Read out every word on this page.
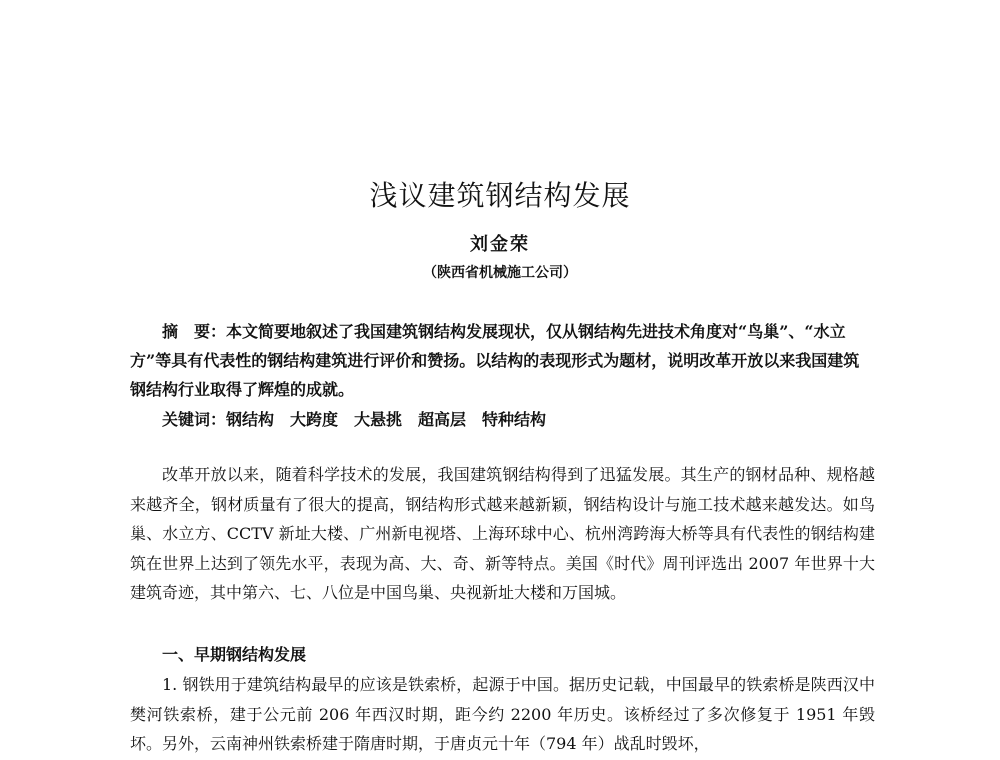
浅议建筑钢结构发展
刘金荣
（陕西省机械施工公司）
摘　要：本文简要地叙述了我国建筑钢结构发展现状，仅从钢结构先进技术角度对“鸟巢”、“水立方”等具有代表性的钢结构建筑进行评价和赞扬。以结构的表现形式为题材，说明改革开放以来我国建筑钢结构行业取得了辉煌的成就。
关键词：钢结构　大跨度　大悬挑　超高层　特种结构
改革开放以来，随着科学技术的发展，我国建筑钢结构得到了迅猛发展。其生产的钢材品种、规格越来越齐全，钢材质量有了很大的提高，钢结构形式越来越新颖，钢结构设计与施工技术越来越发达。如鸟巢、水立方、CCTV 新址大楼、广州新电视塔、上海环球中心、杭州湾跨海大桥等具有代表性的钢结构建筑在世界上达到了领先水平，表现为高、大、奇、新等特点。美国《时代》周刊评选出 2007 年世界十大建筑奇迹，其中第六、七、八位是中国鸟巢、央视新址大楼和万国城。
一、早期钢结构发展
1. 钢铁用于建筑结构最早的应该是铁索桥，起源于中国。据历史记载，中国最早的铁索桥是陕西汉中樊河铁索桥，建于公元前 206 年西汉时期，距今约 2200 年历史。该桥经过了多次修复于 1951 年毁坏。另外，云南神州铁索桥建于隋唐时期，于唐贞元十年（794 年）战乱时毁坏，
